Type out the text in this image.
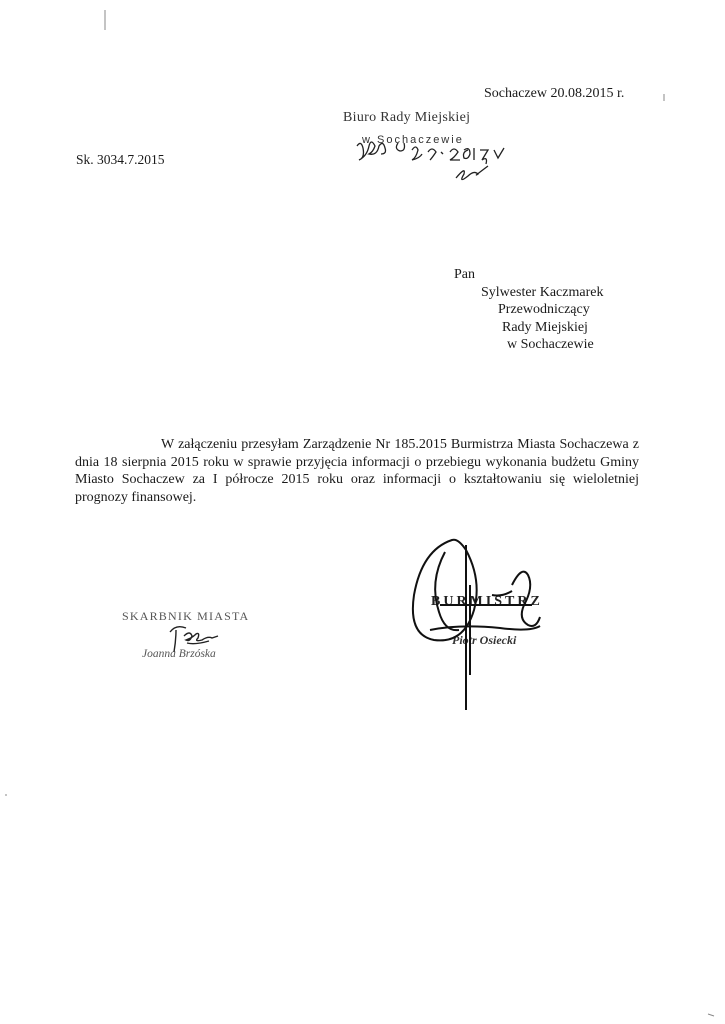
Sochaczew 20.08.2015 r.
Biuro Rady Miejskiej
w Sochaczewie
Sk. 3034.7.2015
Pan
Sylwester Kaczmarek
Przewodniczący
Rady Miejskiej
w Sochaczewie
W załączeniu przesyłam Zarządzenie Nr 185.2015 Burmistrza Miasta Sochaczewa z dnia 18 sierpnia 2015 roku w sprawie przyjęcia informacji o przebiegu wykonania budżetu Gminy Miasto Sochaczew za I półrocze 2015 roku oraz informacji o kształtowaniu się wieloletniej prognozy finansowej.
SKARBNIK MIASTA
Joanna Brzóska
BURMISTRZ
Piotr Osiecki
